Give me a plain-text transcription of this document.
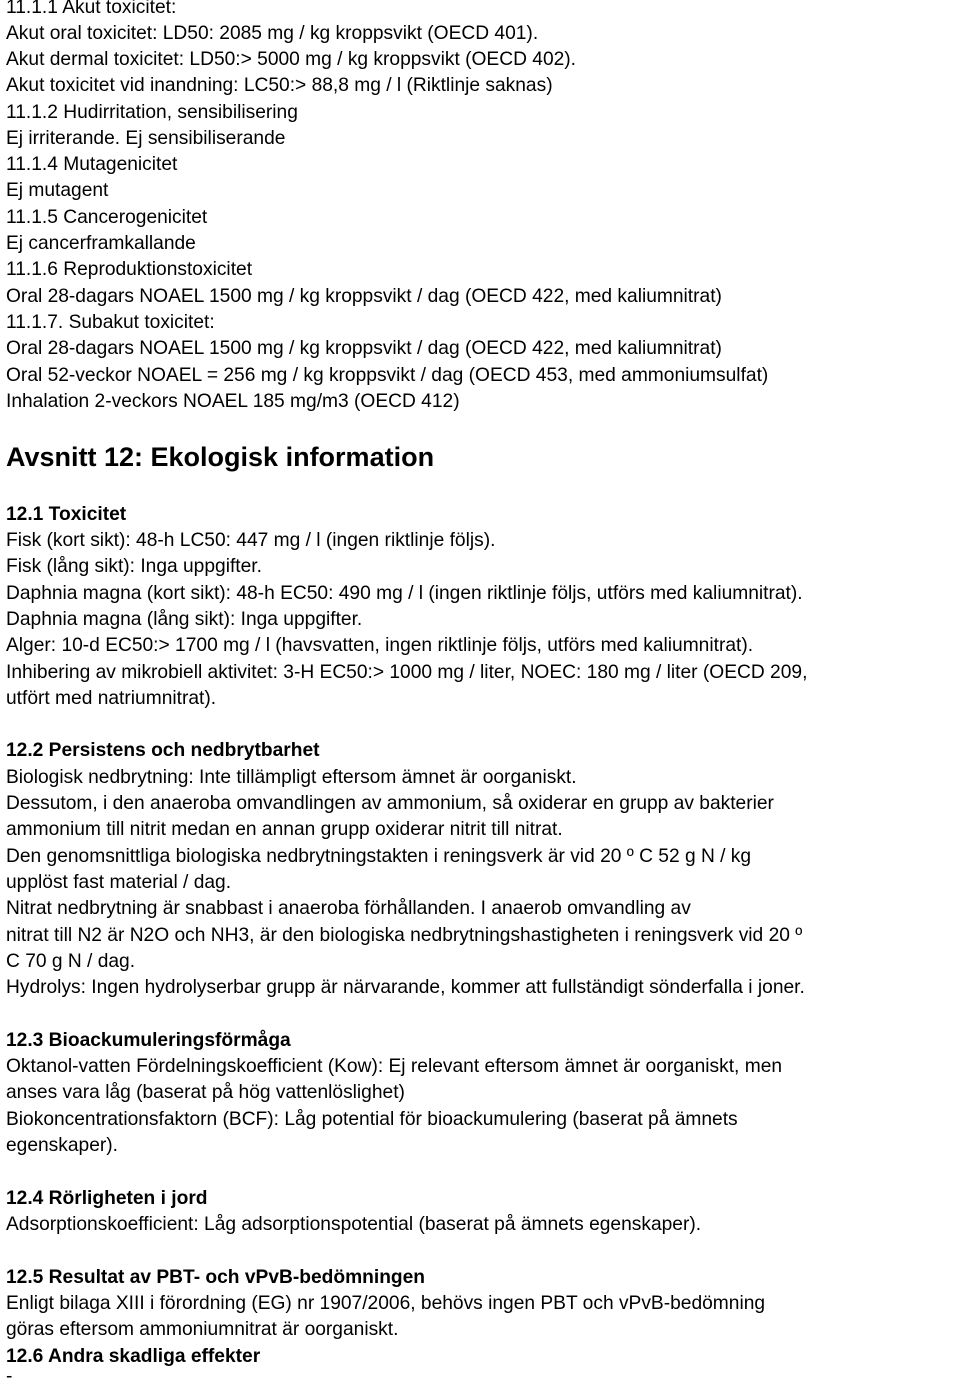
11.1.1 Akut toxicitet:
Akut oral toxicitet: LD50: 2085 mg / kg kroppsvikt (OECD 401).
Akut dermal toxicitet: LD50:> 5000 mg / kg kroppsvikt (OECD 402).
Akut toxicitet vid inandning: LC50:> 88,8 mg / l (Riktlinje saknas)
11.1.2 Hudirritation, sensibilisering
Ej irriterande. Ej sensibiliserande
11.1.4 Mutagenicitet
Ej mutagent
11.1.5 Cancerogenicitet
Ej cancerframkallande
11.1.6 Reproduktionstoxicitet
Oral 28-dagars NOAEL 1500 mg / kg kroppsvikt / dag (OECD 422, med kaliumnitrat)
11.1.7. Subakut toxicitet:
Oral 28-dagars NOAEL 1500 mg / kg kroppsvikt / dag (OECD 422, med kaliumnitrat)
Oral 52-veckor NOAEL = 256 mg / kg kroppsvikt / dag (OECD 453, med ammoniumsulfat)
Inhalation 2-veckors NOAEL 185 mg/m3 (OECD 412)
Avsnitt 12: Ekologisk information
12.1 Toxicitet
Fisk (kort sikt): 48-h LC50: 447 mg / l (ingen riktlinje följs).
Fisk (lång sikt): Inga uppgifter.
Daphnia magna (kort sikt): 48-h EC50: 490 mg / l (ingen riktlinje följs, utförs med kaliumnitrat).
Daphnia magna (lång sikt): Inga uppgifter.
Alger: 10-d EC50:> 1700 mg / l (havsvatten, ingen riktlinje följs, utförs med kaliumnitrat).
Inhibering av mikrobiell aktivitet: 3-H EC50:> 1000 mg / liter, NOEC: 180 mg / liter (OECD 209,
utfört med natriumnitrat).
12.2 Persistens och nedbrytbarhet
Biologisk nedbrytning: Inte tillämpligt eftersom ämnet är oorganiskt.
Dessutom, i den anaeroba omvandlingen av ammonium, så oxiderar en grupp av bakterier
ammonium till nitrit medan en annan grupp oxiderar nitrit till nitrat.
Den genomsnittliga biologiska nedbrytningstakten i reningsverk är vid 20 º C 52 g N / kg
upplöst fast material / dag.
Nitrat nedbrytning är snabbast i anaeroba förhållanden. I anaerob omvandling av
nitrat till N2 är N2O och NH3, är den biologiska nedbrytningshastigheten i reningsverk vid 20 º
C 70 g N / dag.
Hydrolys: Ingen hydrolyserbar grupp är närvarande, kommer att fullständigt sönderfalla i joner.
12.3 Bioackumuleringsförmåga
Oktanol-vatten Fördelningskoefficient (Kow): Ej relevant eftersom ämnet är oorganiskt, men
anses vara låg (baserat på hög vattenlöslighet)
Biokoncentrationsfaktorn (BCF): Låg potential för bioackumulering (baserat på ämnets
egenskaper).
12.4 Rörligheten i jord
Adsorptionskoefficient: Låg adsorptionspotential (baserat på ämnets egenskaper).
12.5 Resultat av PBT- och vPvB-bedömningen
Enligt bilaga XIII i förordning (EG) nr 1907/2006, behövs ingen PBT och vPvB-bedömning
göras eftersom ammoniumnitrat är oorganiskt.
12.6 Andra skadliga effekter
-
